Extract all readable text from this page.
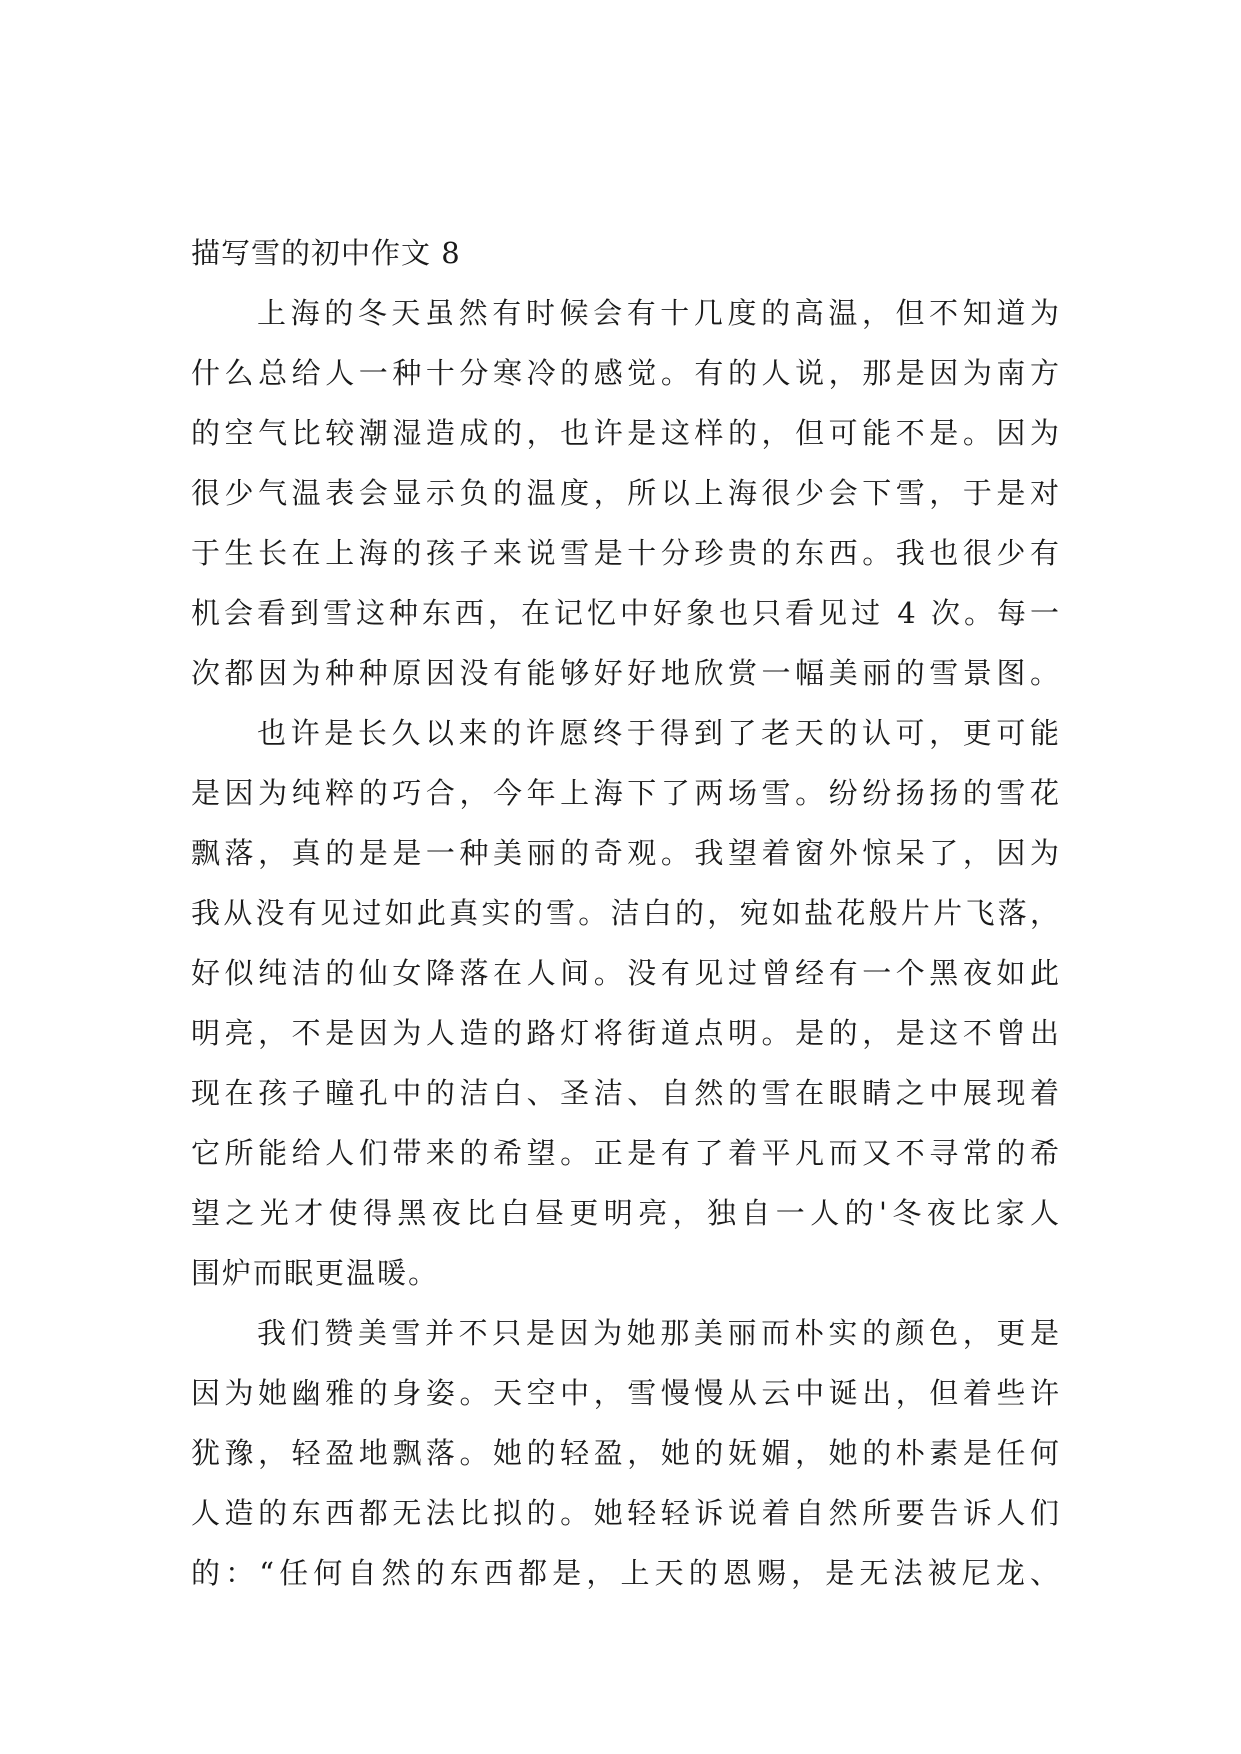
描写雪的初中作文 8
上海的冬天虽然有时候会有十几度的高温，但不知道为
什么总给人一种十分寒冷的感觉。有的人说，那是因为南方
的空气比较潮湿造成的，也许是这样的，但可能不是。因为
很少气温表会显示负的温度，所以上海很少会下雪，于是对
于生长在上海的孩子来说雪是十分珍贵的东西。我也很少有
机会看到雪这种东西，在记忆中好象也只看见过 4 次。每一
次都因为种种原因没有能够好好地欣赏一幅美丽的雪景图。
也许是长久以来的许愿终于得到了老天的认可，更可能
是因为纯粹的巧合，今年上海下了两场雪。纷纷扬扬的雪花
飘落，真的是是一种美丽的奇观。我望着窗外惊呆了，因为
我从没有见过如此真实的雪。洁白的，宛如盐花般片片飞落，
好似纯洁的仙女降落在人间。没有见过曾经有一个黑夜如此
明亮，不是因为人造的路灯将街道点明。是的，是这不曾出
现在孩子瞳孔中的洁白、圣洁、自然的雪在眼睛之中展现着
它所能给人们带来的希望。正是有了着平凡而又不寻常的希
望之光才使得黑夜比白昼更明亮，独自一人的'冬夜比家人
围炉而眠更温暖。
我们赞美雪并不只是因为她那美丽而朴实的颜色，更是
因为她幽雅的身姿。天空中，雪慢慢从云中诞出，但着些许
犹豫，轻盈地飘落。她的轻盈，她的妩媚，她的朴素是任何
人造的东西都无法比拟的。她轻轻诉说着自然所要告诉人们
的：“任何自然的东西都是，上天的恩赐，是无法被尼龙、
